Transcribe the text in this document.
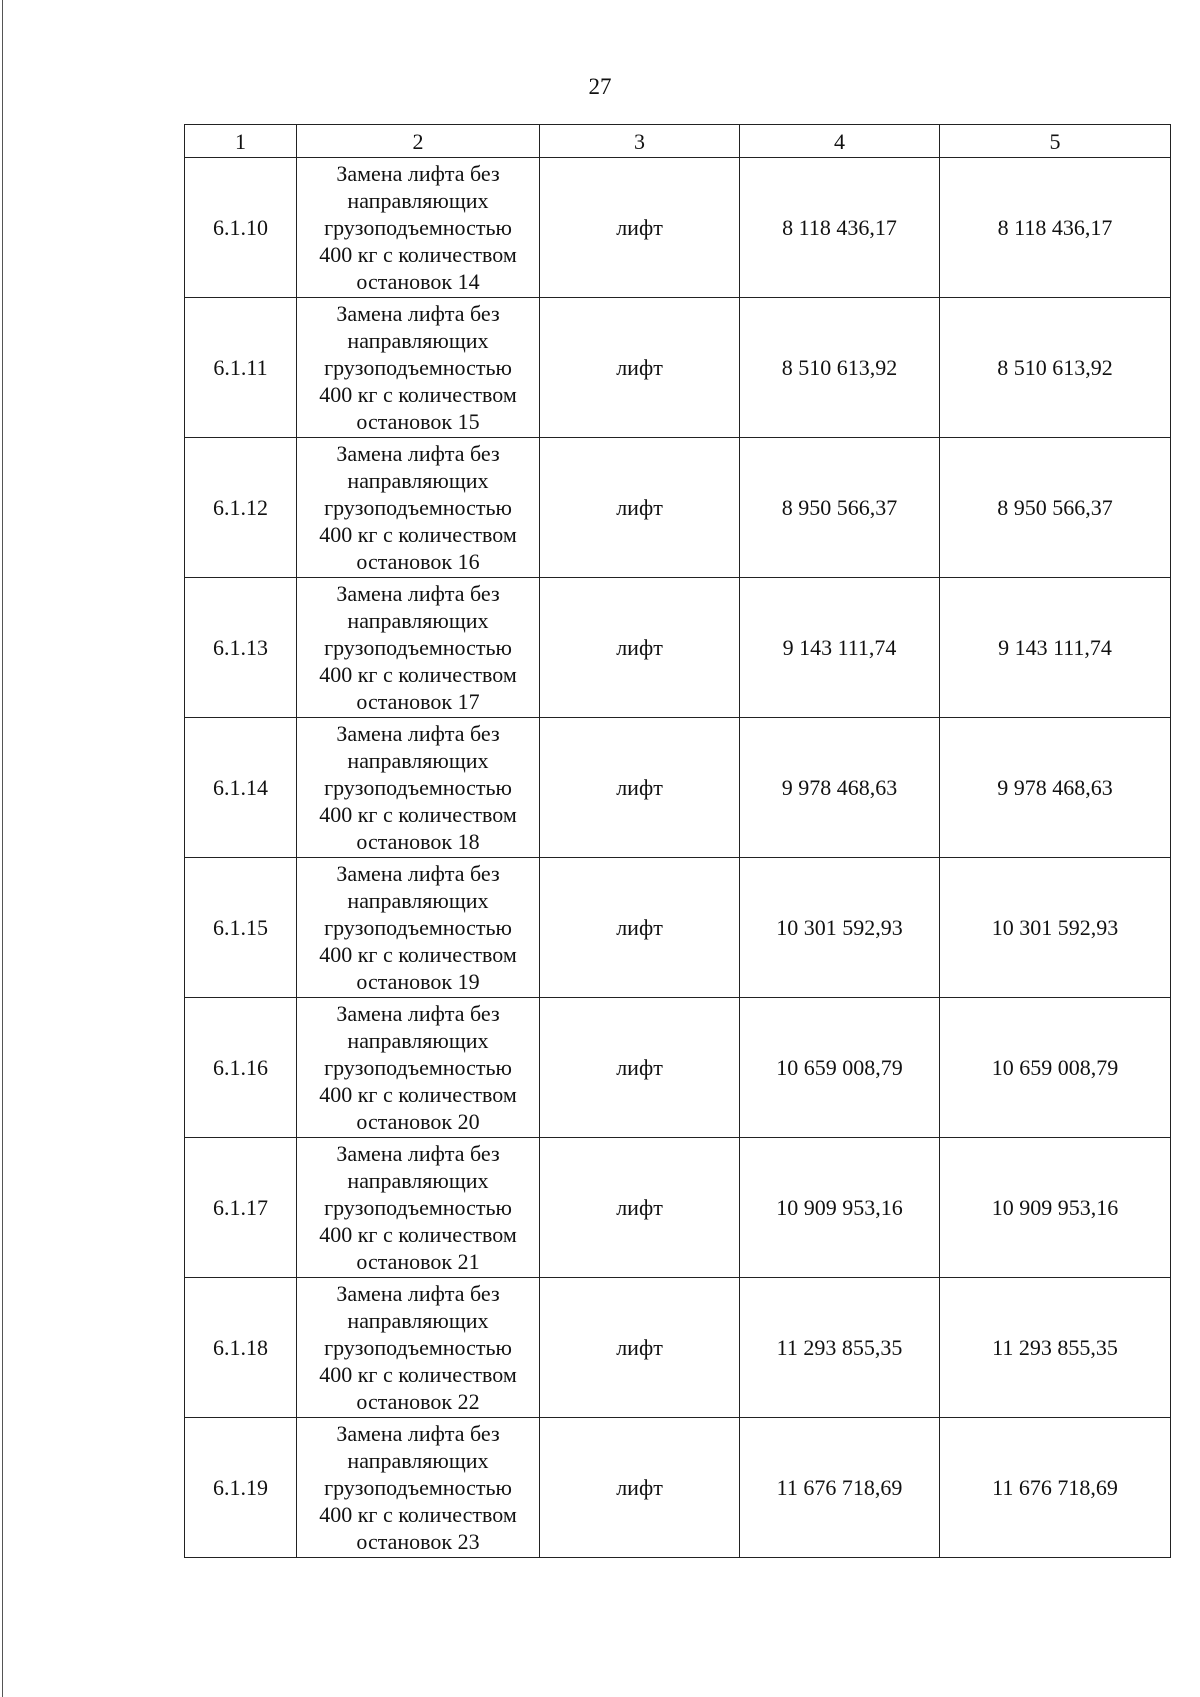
27
1	2	3	4	5
6.1.10	Замена лифта без
направляющих
грузоподъемностью
400 кг с количеством
остановок 14	лифт	8 118 436,17	8 118 436,17
6.1.11	Замена лифта без
направляющих
грузоподъемностью
400 кг с количеством
остановок 15	лифт	8 510 613,92	8 510 613,92
6.1.12	Замена лифта без
направляющих
грузоподъемностью
400 кг с количеством
остановок 16	лифт	8 950 566,37	8 950 566,37
6.1.13	Замена лифта без
направляющих
грузоподъемностью
400 кг с количеством
остановок 17	лифт	9 143 111,74	9 143 111,74
6.1.14	Замена лифта без
направляющих
грузоподъемностью
400 кг с количеством
остановок 18	лифт	9 978 468,63	9 978 468,63
6.1.15	Замена лифта без
направляющих
грузоподъемностью
400 кг с количеством
остановок 19	лифт	10 301 592,93	10 301 592,93
6.1.16	Замена лифта без
направляющих
грузоподъемностью
400 кг с количеством
остановок 20	лифт	10 659 008,79	10 659 008,79
6.1.17	Замена лифта без
направляющих
грузоподъемностью
400 кг с количеством
остановок 21	лифт	10 909 953,16	10 909 953,16
6.1.18	Замена лифта без
направляющих
грузоподъемностью
400 кг с количеством
остановок 22	лифт	11 293 855,35	11 293 855,35
6.1.19	Замена лифта без
направляющих
грузоподъемностью
400 кг с количеством
остановок 23	лифт	11 676 718,69	11 676 718,69
